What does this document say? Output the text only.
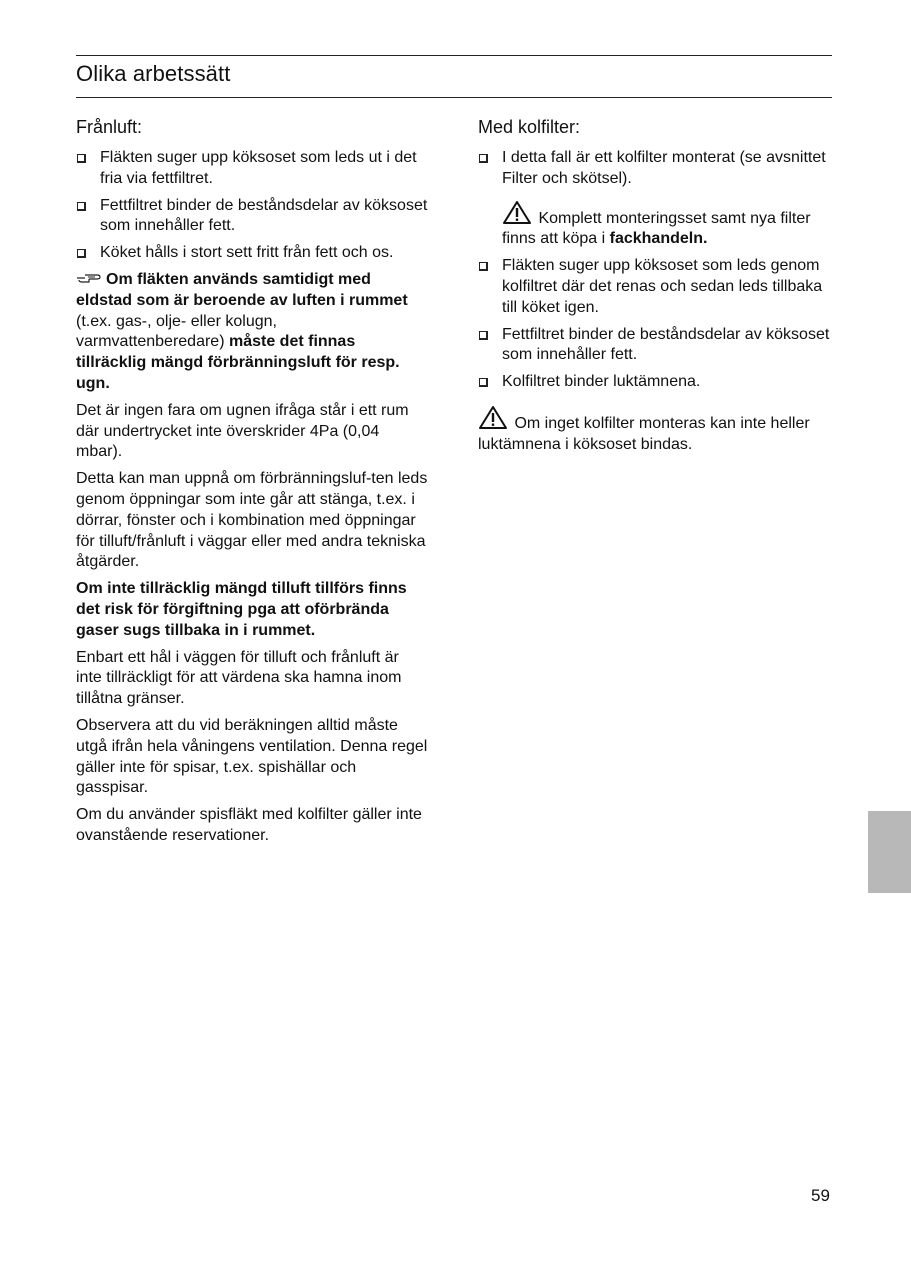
Olika arbetssätt
Frånluft:
Fläkten suger upp köksoset som leds ut i det fria via fettfiltret.
Fettfiltret binder de beståndsdelar av köksoset som innehåller fett.
Köket hålls i stort sett fritt från fett och os.

Om fläkten används samtidigt med eldstad som är beroende av luften i rummet (t.ex. gas-, olje- eller kolugn, varmvattenberedare) måste det finnas tillräcklig mängd förbränningsluft för resp. ugn.

Det är ingen fara om ugnen ifråga står i ett rum där undertrycket inte överskrider 4Pa (0,04 mbar).

Detta kan man uppnå om förbränningsluf-ten leds genom öppningar som inte går att stänga, t.ex. i dörrar, fönster och i kombination med öppningar för tilluft/frånluft i väggar eller med andra tekniska åtgärder.

Om inte tillräcklig mängd tilluft tillförs finns det risk för förgiftning pga att oförbrända gaser sugs tillbaka in i rummet.

Enbart ett hål i väggen för tilluft och frånluft är inte tillräckligt för att värdena ska hamna inom tillåtna gränser.

Observera att du vid beräkningen alltid måste utgå ifrån hela våningens ventilation. Denna regel gäller inte för spisar, t.ex. spishällar och gasspisar.

Om du använder spisfläkt med kolfilter gäller inte ovanstående reservationer.

Med kolfilter:
I detta fall är ett kolfilter monterat (se avsnittet Filter och skötsel).

Komplett monteringsset samt nya filter finns att köpa i fackhandeln.

Fläkten suger upp köksoset som leds genom kolfiltret där det renas och sedan leds tillbaka till köket igen.
Fettfiltret binder de beståndsdelar av köksoset som innehåller fett.
Kolfiltret binder luktämnena.

Om inget kolfilter monteras kan inte heller luktämnena i köksoset bindas.

59
